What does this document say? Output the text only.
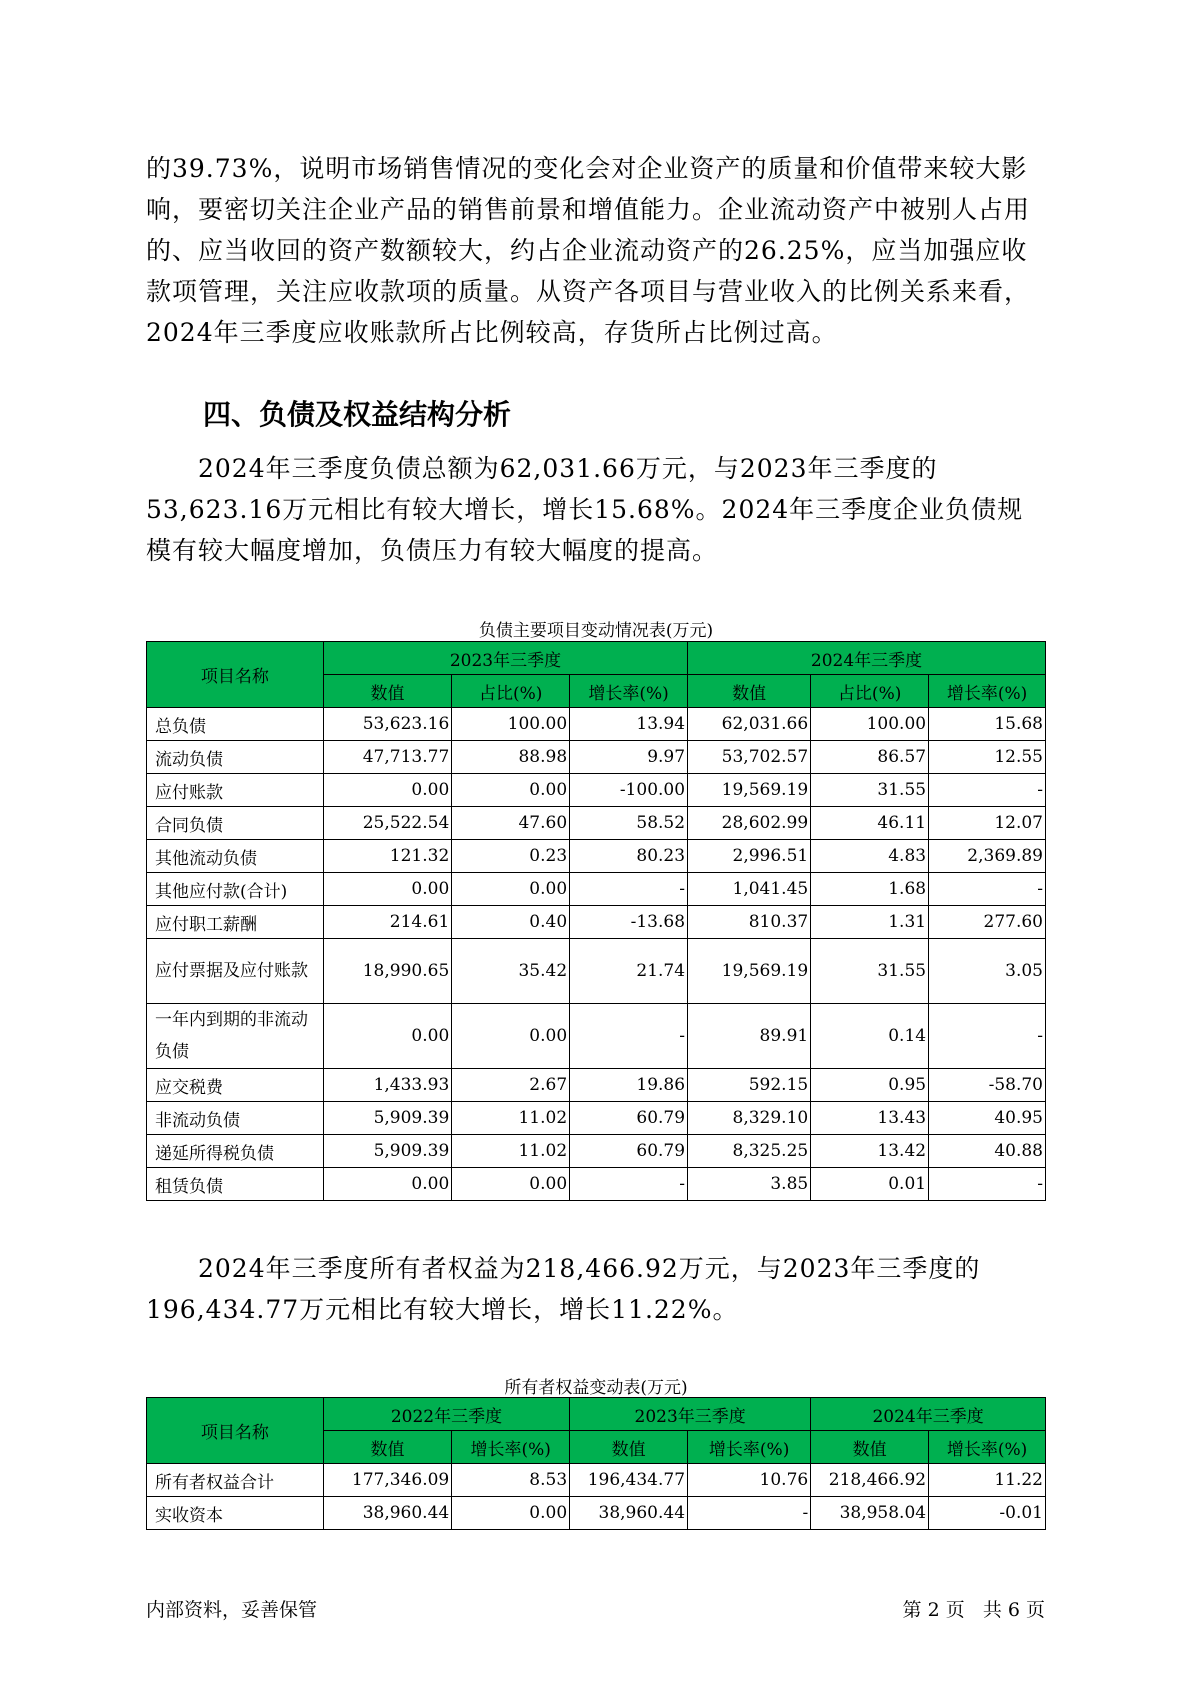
的39.73%，说明市场销售情况的变化会对企业资产的质量和价值带来较大影响，要密切关注企业产品的销售前景和增值能力。企业流动资产中被别人占用的、应当收回的资产数额较大，约占企业流动资产的26.25%，应当加强应收款项管理，关注应收款项的质量。从资产各项目与营业收入的比例关系来看，2024年三季度应收账款所占比例较高，存货所占比例过高。

四、负债及权益结构分析

2024年三季度负债总额为62,031.66万元，与2023年三季度的53,623.16万元相比有较大增长，增长15.68%。2024年三季度企业负债规模有较大幅度增加，负债压力有较大幅度的提高。

负债主要项目变动情况表(万元)
项目名称	2023年三季度			2024年三季度		
	数值	占比(%)	增长率(%)	数值	占比(%)	增长率(%)
总负债	53,623.16	100.00	13.94	62,031.66	100.00	15.68
流动负债	47,713.77	88.98	9.97	53,702.57	86.57	12.55
应付账款	0.00	0.00	-100.00	19,569.19	31.55	-
合同负债	25,522.54	47.60	58.52	28,602.99	46.11	12.07
其他流动负债	121.32	0.23	80.23	2,996.51	4.83	2,369.89
其他应付款(合计)	0.00	0.00	-	1,041.45	1.68	-
应付职工薪酬	214.61	0.40	-13.68	810.37	1.31	277.60
应付票据及应付账款	18,990.65	35.42	21.74	19,569.19	31.55	3.05
一年内到期的非流动负债	0.00	0.00	-	89.91	0.14	-
应交税费	1,433.93	2.67	19.86	592.15	0.95	-58.70
非流动负债	5,909.39	11.02	60.79	8,329.10	13.43	40.95
递延所得税负债	5,909.39	11.02	60.79	8,325.25	13.42	40.88
租赁负债	0.00	0.00	-	3.85	0.01	-

2024年三季度所有者权益为218,466.92万元，与2023年三季度的196,434.77万元相比有较大增长，增长11.22%。

所有者权益变动表(万元)
项目名称	2022年三季度		2023年三季度		2024年三季度	
	数值	增长率(%)	数值	增长率(%)	数值	增长率(%)
所有者权益合计	177,346.09	8.53	196,434.77	10.76	218,466.92	11.22
实收资本	38,960.44	0.00	38,960.44	-	38,958.04	-0.01
内部资料，妥善保管	第 2 页   共 6 页
